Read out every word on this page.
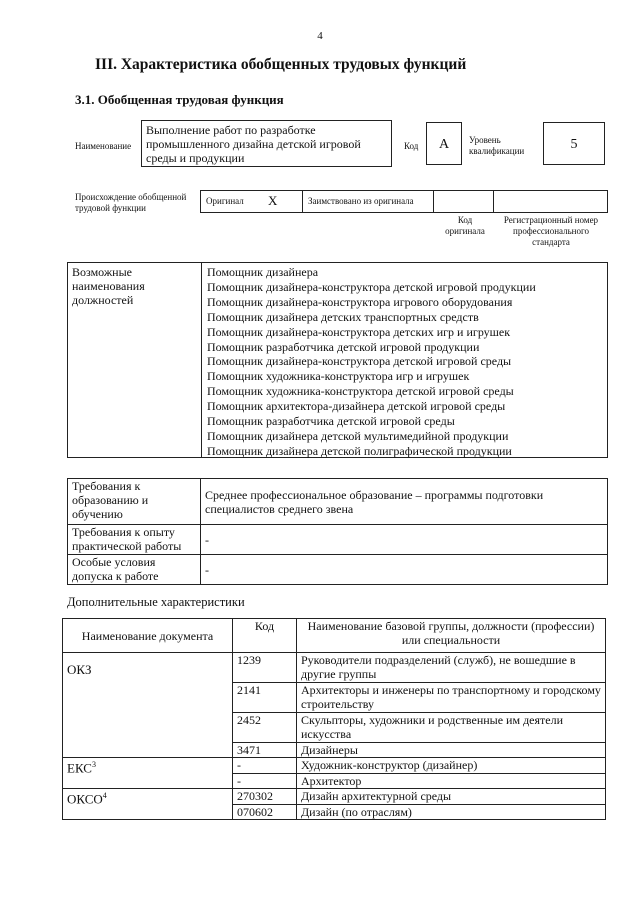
4
III. Характеристика обобщенных трудовых функций
3.1. Обобщенная трудовая функция
Наименование
Выполнение работ по разработке промышленного дизайна детской игровой среды и продукции
Код	A	Уровень квалификации	5
Происхождение обобщенной трудовой функции
Оригинал X	Заимствовано из оригинала
Код оригинала
Регистрационный номер профессионального стандарта
Возможные наименования должностей
Помощник дизайнера
Помощник дизайнера-конструктора детской игровой продукции
Помощник дизайнера-конструктора игрового оборудования
Помощник дизайнера детских транспортных средств
Помощник дизайнера-конструктора детских игр и игрушек
Помощник разработчика детской игровой продукции
Помощник дизайнера-конструктора детской игровой среды
Помощник художника-конструктора игр и игрушек
Помощник художника-конструктора детской игровой среды
Помощник архитектора-дизайнера детской игровой среды
Помощник разработчика детской игровой среды
Помощник дизайнера детской мультимедийной продукции
Помощник дизайнера детской полиграфической продукции
Требования к образованию и обучению	Среднее профессиональное образование – программы подготовки специалистов среднего звена
Требования к опыту практической работы	-
Особые условия допуска к работе	-
Дополнительные характеристики
Наименование документа	Код	Наименование базовой группы, должности (профессии) или специальности
ОКЗ	1239	Руководители подразделений (служб), не вошедшие в другие группы
	2141	Архитекторы и инженеры по транспортному и городскому строительству
	2452	Скульпторы, художники и родственные им деятели искусства
	3471	Дизайнеры
ЕКС$^3$	-	Художник-конструктор (дизайнер)
	-	Архитектор
ОКСО$^4$	270302	Дизайн архитектурной среды
	070602	Дизайн (по отраслям)
